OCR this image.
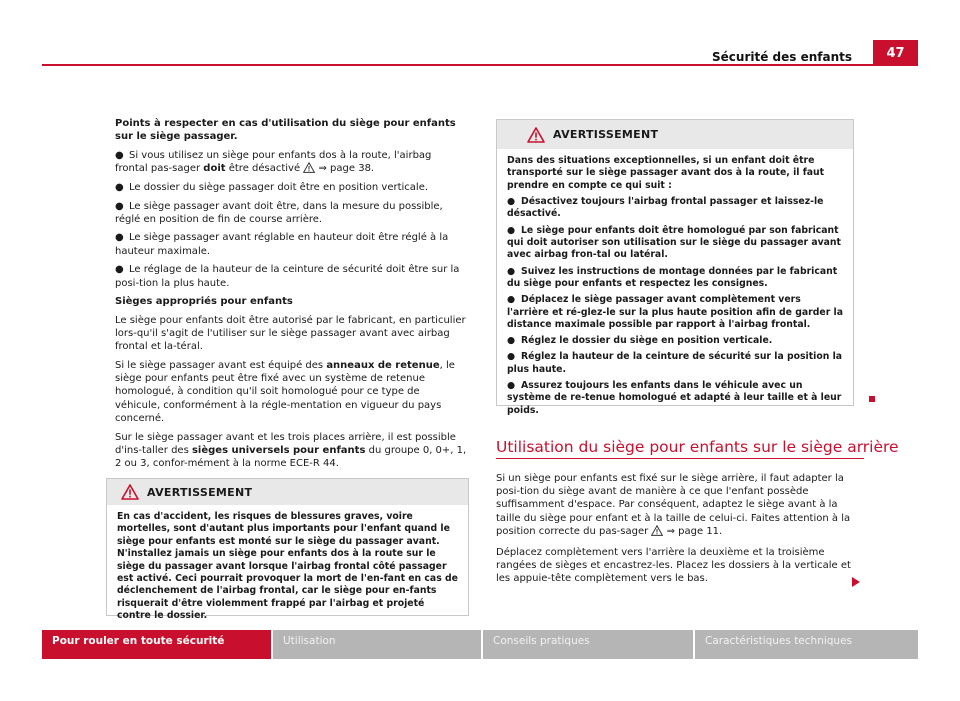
Sécurité des enfants	47

Points à respecter en cas d'utilisation du siège pour enfants sur le siège passager.

● Si vous utilisez un siège pour enfants dos à la route, l'airbag frontal pas-sager doit être désactivé  ⇒ page 38.

● Le dossier du siège passager doit être en position verticale.

● Le siège passager avant doit être, dans la mesure du possible, réglé en position de fin de course arrière.

● Le siège passager avant réglable en hauteur doit être réglé à la hauteur maximale.

● Le réglage de la hauteur de la ceinture de sécurité doit être sur la posi-tion la plus haute.

Sièges appropriés pour enfants

Le siège pour enfants doit être autorisé par le fabricant, en particulier lors-qu'il s'agit de l'utiliser sur le siège passager avant avec airbag frontal et la-téral.

Si le siège passager avant est équipé des anneaux de retenue, le siège pour enfants peut être fixé avec un système de retenue homologué, à condition qu'il soit homologué pour ce type de véhicule, conformément à la régle-mentation en vigueur du pays concerné.

Sur le siège passager avant et les trois places arrière, il est possible d'ins-taller des sièges universels pour enfants du groupe 0, 0+, 1, 2 ou 3, confor-mément à la norme ECE-R 44.

AVERTISSEMENT

En cas d'accident, les risques de blessures graves, voire mortelles, sont d'autant plus importants pour l'enfant quand le siège pour enfants est monté sur le siège du passager avant. N'installez jamais un siège pour enfants dos à la route sur le siège du passager avant lorsque l'airbag frontal côté passager est activé. Ceci pourrait provoquer la mort de l'en-fant en cas de déclenchement de l'airbag frontal, car le siège pour en-fants risquerait d'être violemment frappé par l'airbag et projeté contre le dossier.

AVERTISSEMENT

Dans des situations exceptionnelles, si un enfant doit être transporté sur le siège passager avant dos à la route, il faut prendre en compte ce qui suit :

● Désactivez toujours l'airbag frontal passager et laissez-le désactivé.

● Le siège pour enfants doit être homologué par son fabricant qui doit autoriser son utilisation sur le siège du passager avant avec airbag fron-tal ou latéral.

● Suivez les instructions de montage données par le fabricant du siège pour enfants et respectez les consignes.

● Déplacez le siège passager avant complètement vers l'arrière et ré-glez-le sur la plus haute position afin de garder la distance maximale possible par rapport à l'airbag frontal.

● Réglez le dossier du siège en position verticale.

● Réglez la hauteur de la ceinture de sécurité sur la position la plus haute.

● Assurez toujours les enfants dans le véhicule avec un système de re-tenue homologué et adapté à leur taille et à leur poids.

Utilisation du siège pour enfants sur le siège arrière

Si un siège pour enfants est fixé sur le siège arrière, il faut adapter la posi-tion du siège avant de manière à ce que l'enfant possède suffisamment d'espace. Par conséquent, adaptez le siège avant à la taille du siège pour enfant et à la taille de celui-ci. Faites attention à la position correcte du pas-sager  ⇒ page 11.

Déplacez complètement vers l'arrière la deuxième et la troisième rangées de sièges et encastrez-les. Placez les dossiers à la verticale et les appuie-tête complètement vers le bas.

Pour rouler en toute sécurité	Utilisation	Conseils pratiques	Caractéristiques techniques
